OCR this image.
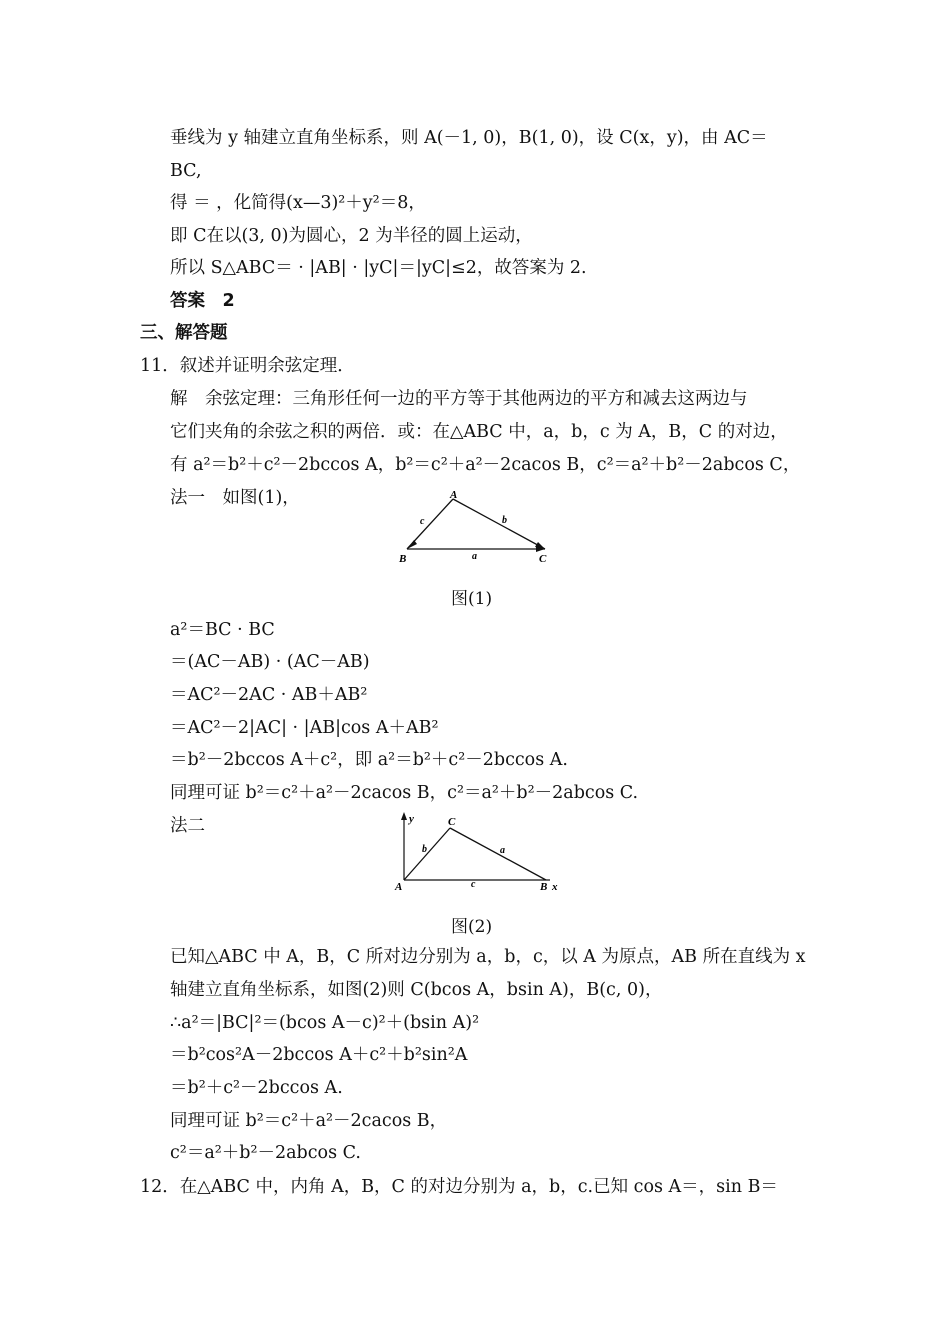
垂线为 y 轴建立直角坐标系，则 A(－1, 0)，B(1, 0)，设 C(x，y)，由 AC＝
BC,
得 ＝ ，化简得(x—3)²＋y²＝8，
即 C在以(3, 0)为圆心，2 为半径的圆上运动，
所以 S△ABC＝ · |AB| · |yC|＝|yC|≤2，故答案为 2.
答案　2
三、解答题
11．叙述并证明余弦定理．
解　余弦定理：三角形任何一边的平方等于其他两边的平方和减去这两边与
它们夹角的余弦之积的两倍．或：在△ABC 中，a，b，c 为 A，B，C 的对边，
有 a²＝b²＋c²－2bccos A，b²＝c²＋a²－2cacos B，c²＝a²＋b²－2abcos C，
法一　如图(1)，	A
B	C
c	b
a
图(1)
a²＝BC · BC
＝(AC－AB) · (AC－AB)
＝AC²－2AC · AB＋AB²
＝AC²－2|AC| · |AB|cos A＋AB²
＝b²－2bccos A＋c²，即 a²＝b²＋c²－2bccos A.
同理可证 b²＝c²＋a²－2cacos B，c²＝a²＋b²－2abcos C.
法二	y	C
A	B x
b	a
c
图(2)
已知△ABC 中 A，B，C 所对边分别为 a，b，c，以 A 为原点，AB 所在直线为 x
轴建立直角坐标系，如图(2)则 C(bcos A，bsin A)，B(c, 0)，
∴a²＝|BC|²＝(bcos A－c)²＋(bsin A)²
＝b²cos²A－2bccos A＋c²＋b²sin²A
＝b²＋c²－2bccos A.
同理可证 b²＝c²＋a²－2cacos B，
c²＝a²＋b²－2abcos C.
12．在△ABC 中，内角 A，B，C 的对边分别为 a，b，c.已知 cos A＝，sin B＝
